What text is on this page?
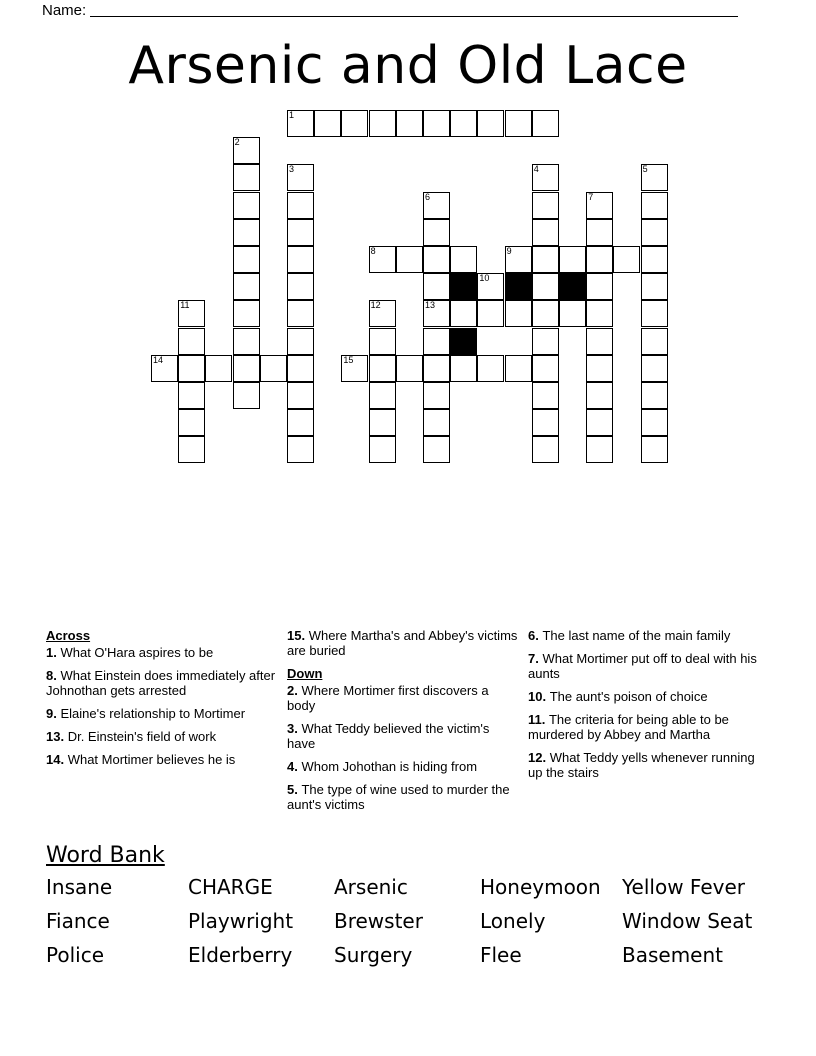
Name:
Arsenic and Old Lace
1
2
3	4	5
6
13
7
8	9
10
11	12
14	15
Across

1. What O'Hara aspires to be

8. What Einstein does immediately after Johnothan gets arrested

9. Elaine's relationship to Mortimer

13. Dr. Einstein's field of work

14. What Mortimer believes he is

15. Where Martha's and Abbey's victims are buried

Down

2. Where Mortimer first discovers a body

3. What Teddy believed the victim's have

4. Whom Johothan is hiding from

5. The type of wine used to murder the aunt's victims

6. The last name of the main family

7. What Mortimer put off to deal with his aunts

10. The aunt's poison of choice

11. The criteria for being able to be murdered by Abbey and Martha

12. What Teddy yells whenever running up the stairs

Word Bank
Insane	CHARGE	Arsenic	Honeymoon	Yellow Fever
Fiance	Playwright	Brewster	Lonely	Window Seat
Police	Elderberry	Surgery	Flee	Basement
